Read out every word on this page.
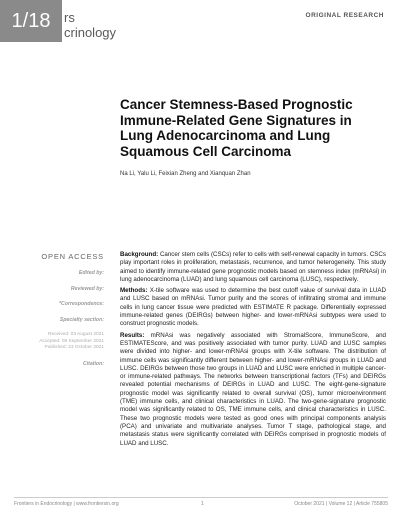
1/18	rs
crinology
ORIGINAL RESEARCH
Cancer Stemness-Based Prognostic Immune-Related Gene Signatures in Lung Adenocarcinoma and Lung Squamous Cell Carcinoma
Na Li, Yalu Li, Feixian Zheng and Xianquan Zhan
OPEN ACCESS
Edited by:
Reviewed by:
*Correspondence:
Specialty section:
Received: 03 August 2021
Accepted: 08 September 2021
Published: 23 October 2021
Citation:

Background: Cancer stem cells (CSCs) refer to cells with self-renewal capacity in tumors. CSCs play important roles in proliferation, metastasis, recurrence, and tumor heterogeneity. This study aimed to identify immune-related gene prognostic models based on stemness index (mRNAsi) in lung adenocarcinoma (LUAD) and lung squamous cell carcinoma (LUSC), respectively.

Methods: X-tile software was used to determine the best cutoff value of survival data in LUAD and LUSC based on mRNAsi. Tumor purity and the scores of infiltrating stromal and immune cells in lung cancer tissue were predicted with ESTIMATE R package. Differentially expressed immune-related genes (DEIRGs) between higher- and lower-mRNAsi subtypes were used to construct prognostic models.

Results: mRNAsi was negatively associated with StromalScore, ImmuneScore, and ESTIMATEScore, and was positively associated with tumor purity. LUAD and LUSC samples were divided into higher- and lower-mRNAsi groups with X-tile software. The distribution of immune cells was significantly different between higher- and lower-mRNAsi groups in LUAD and LUSC. DEIRGs between those two groups in LUAD and LUSC were enriched in multiple cancer- or immune-related pathways. The networks between transcriptional factors (TFs) and DEIRGs revealed potential mechanisms of DEIRGs in LUAD and LUSC. The eight-gene-signature prognostic model was significantly related to overall survival (OS), tumor microenvironment (TME) immune cells, and clinical characteristics in LUAD. The two-gene-signature prognostic model was significantly related to OS, TME immune cells, and clinical characteristics in LUSC. These two prognostic models were tested as good ones with principal components analysis (PCA) and univariate and multivariate analyses. Tumor T stage, pathological stage, and metastasis status were significantly correlated with DEIRGs comprised in prognostic models of LUAD and LUSC.

Frontiers in Endocrinology | www.frontiersin.org	1	October 2021 | Volume 12 | Article 755805
